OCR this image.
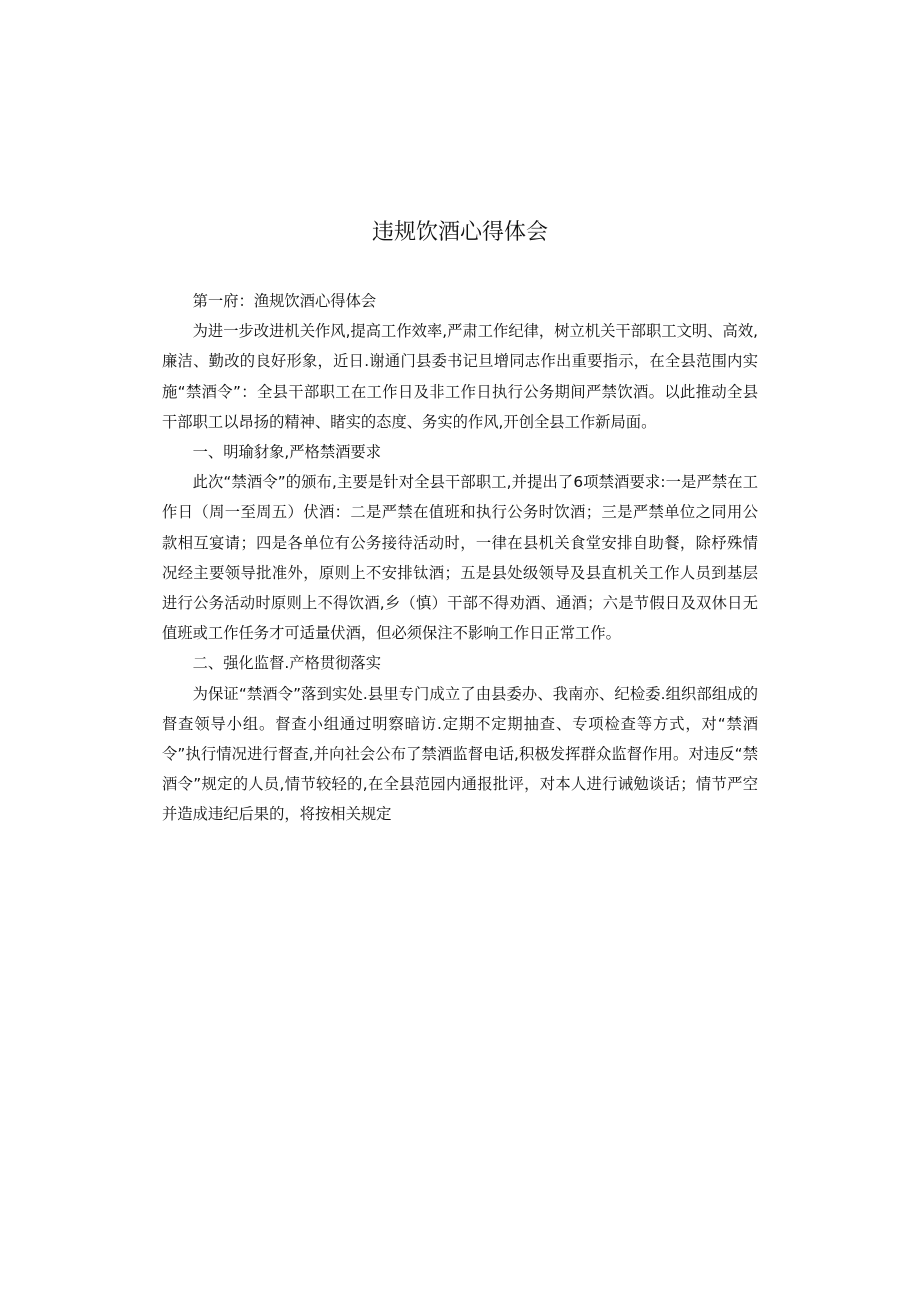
违规饮酒心得体会

第一府：渔规饮酒心得体会

为进一步改进机关作风,提高工作效率,严肃工作纪律，树立机关干部职工文明、高效,廉洁、勤改的良好形象，近日.谢通门县委书记旦增同志作出重要指示，在全县范围内实施“禁酒令”：全县干部职工在工作日及非工作日执行公务期间严禁饮酒。以此推动全县干部职工以昂扬的精神、睹实的态度、务实的作风,开创全县工作新局面。

一、明瑜豺象,严格禁酒要求

此次“禁酒令”的颁布,主要是针对全县干部职工,并提出了6项禁酒要求:一是严禁在工作日（周一至周五）伏酒：二是严禁在值班和执行公务时饮酒；三是严禁单位之同用公款相互宴请；四是各单位有公务接待活动时，一律在县机关食堂安排自助餐，除杼殊情况经主要领导批准外，原则上不安排钛酒；五是县处级领导及县直机关工作人员到基层进行公务活动时原则上不得饮酒,乡（慎）干部不得劝酒、通酒；六是节假日及双休日无值班或工作任务才可适量伏酒，但必须保注不影响工作日正常工作。

二、强化监督.产格贯彻落实

为保证“禁酒令”落到实处.县里专门成立了由县委办、我南亦、纪检委.组织部组成的督查领导小组。督查小组通过明察暗访.定期不定期抽查、专项检查等方式，对“禁酒令”执行情况进行督查,并向社会公布了禁酒监督电话,积极发挥群众监督作用。对违反“禁酒令”规定的人员,情节较轻的,在全县范园内通报批评，对本人进行诫勉谈话；情节严空并造成违纪后果的，将按相关规定
